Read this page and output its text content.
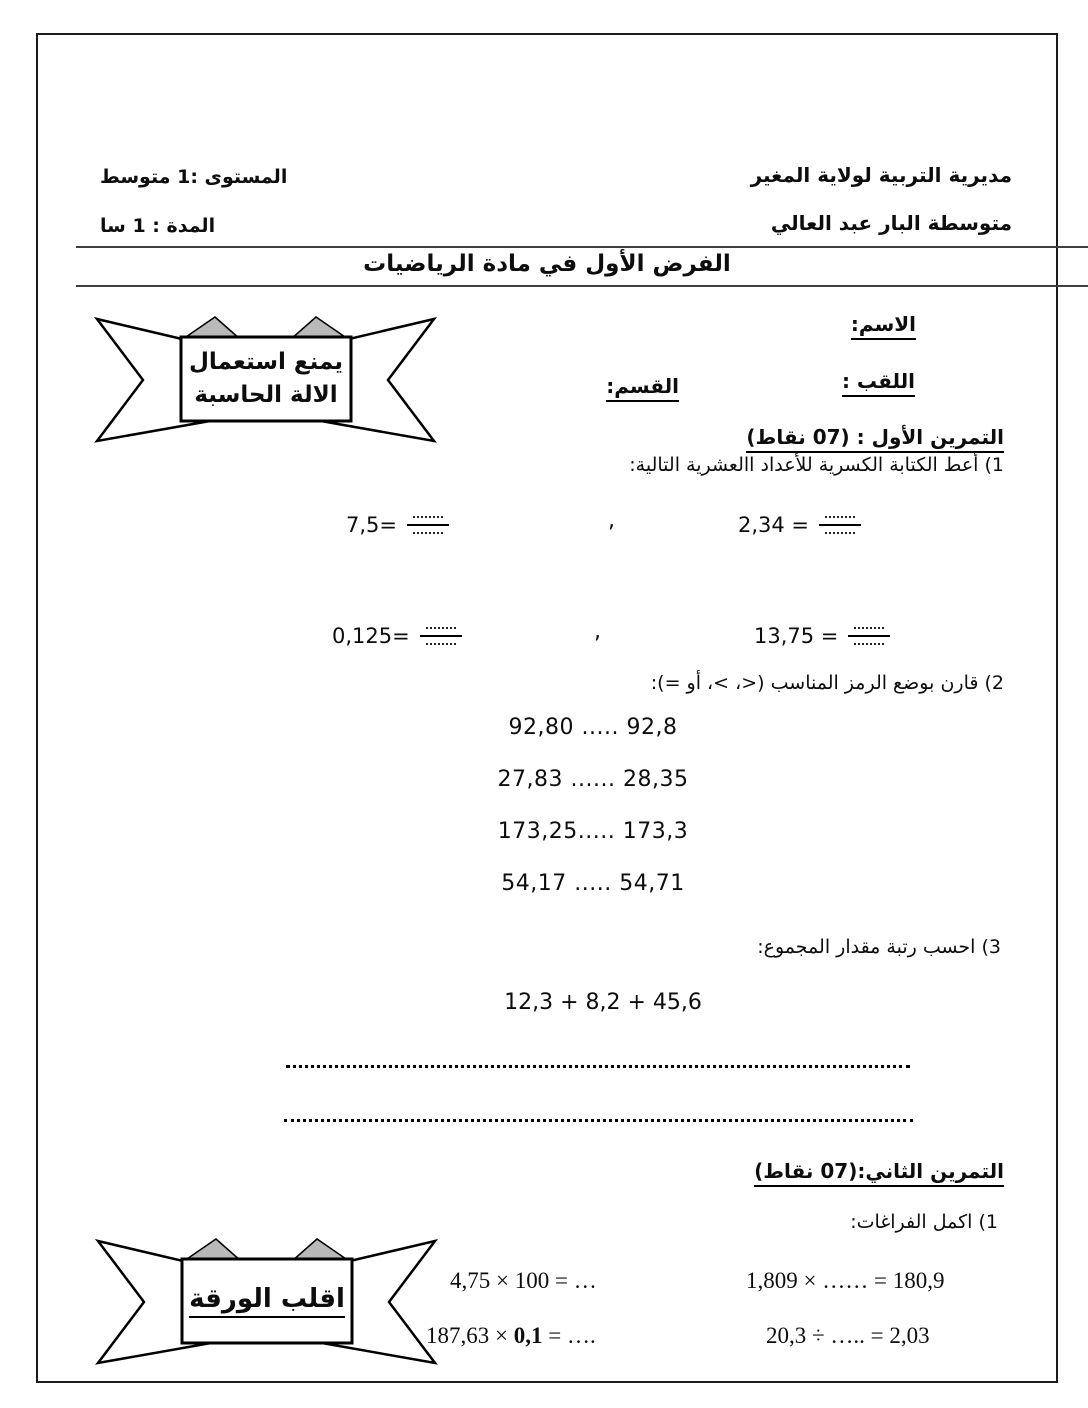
مديرية التربية لولاية المغير
متوسطة البار عبد العالي
المستوى :1 متوسط
المدة : 1 سا
الفرض الأول في مادة الرياضيات
الاسم:
اللقب :
القسم:
يمنع استعمال
الالة الحاسبة
التمرين الأول : (07 نقاط)
1) أعط الكتابة الكسرية للأعداد االعشرية التالية:
7,5=	,	2,34 =
0,125=	,	13,75 =
2) قارن بوضع الرمز المناسب (<، >، أو =):
92,80 ..... 92,8
27,83 ...... 28,35
173,25..... 173,3
54,17 ..... 54,71
3) احسب رتبة مقدار المجموع:
12,3 + 8,2 + 45,6
التمرين الثاني:(07 نقاط)
1) اكمل الفراغات:
4,75 × 100 = …	1,809 × …… = 180,9
187,63 × 0,1 = ….	20,3 ÷ ….. = 2,03
اقلب الورقة
